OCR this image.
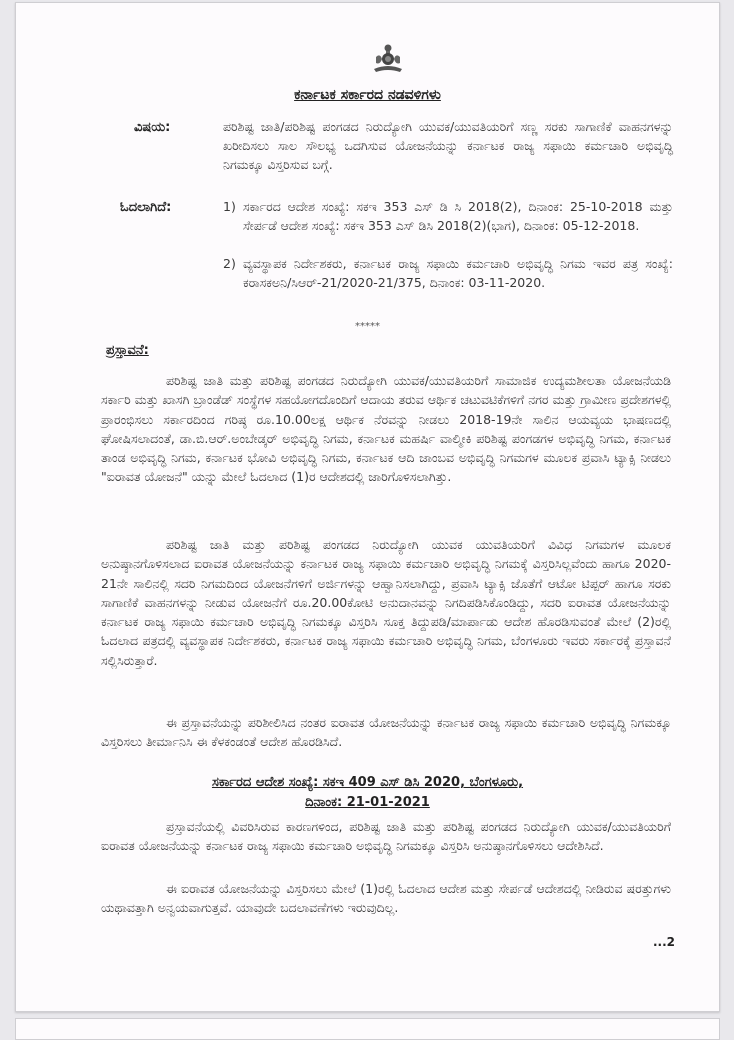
ಕರ್ನಾಟಕ ಸರ್ಕಾರದ ನಡವಳಿಗಳು
ವಿಷಯ:	ಪರಿಶಿಷ್ಟ ಜಾತಿ/ಪರಿಶಿಷ್ಟ ಪಂಗಡದ ನಿರುದ್ಯೋಗಿ ಯುವಕ/ಯುವತಿಯರಿಗೆ ಸಣ್ಣ ಸರಕು ಸಾಗಾಣಿಕೆ ವಾಹನಗಳನ್ನು ಖರೀದಿಸಲು ಸಾಲ ಸೌಲಭ್ಯ ಒದಗಿಸುವ ಯೋಜನೆಯನ್ನು ಕರ್ನಾಟಕ ರಾಜ್ಯ ಸಫಾಯಿ ಕರ್ಮಚಾರಿ ಅಭಿವೃದ್ಧಿ ನಿಗಮಕ್ಕೂ ವಿಸ್ತರಿಸುವ ಬಗ್ಗೆ.
ಓದಲಾಗಿದೆ:	1) ಸರ್ಕಾರದ ಆದೇಶ ಸಂಖ್ಯೆ: ಸಕಇ 353 ಎಸ್ ಡಿ ಸಿ 2018(2), ದಿನಾಂಕ: 25-10-2018 ಮತ್ತು ಸೇರ್ಪಡೆ ಆದೇಶ ಸಂಖ್ಯೆ: ಸಕಇ 353 ಎಸ್ ಡಿಸಿ 2018(2)(ಭಾಗ), ದಿನಾಂಕ: 05-12-2018.
2) ವ್ಯವಸ್ಥಾಪಕ ನಿರ್ದೇಶಕರು, ಕರ್ನಾಟಕ ರಾಜ್ಯ ಸಫಾಯಿ ಕರ್ಮಚಾರಿ ಅಭಿವೃದ್ಧಿ ನಿಗಮ ಇವರ ಪತ್ರ ಸಂಖ್ಯೆ: ಕರಾಸಕಅನಿ/ಸಿಆರ್-21/2020-21/375, ದಿನಾಂಕ: 03-11-2020.
*****
ಪ್ರಸ್ತಾವನೆ:
ಪರಿಶಿಷ್ಟ ಜಾತಿ ಮತ್ತು ಪರಿಶಿಷ್ಟ ಪಂಗಡದ ನಿರುದ್ಯೋಗಿ ಯುವಕ/ಯುವತಿಯರಿಗೆ ಸಾಮಾಜಿಕ ಉದ್ಯಮಶೀಲತಾ ಯೋಜನೆಯಡಿ ಸರ್ಕಾರಿ ಮತ್ತು ಖಾಸಗಿ ಬ್ರಾಂಡೆಡ್ ಸಂಸ್ಥೆಗಳ ಸಹಯೋಗದೊಂದಿಗೆ ಆದಾಯ ತರುವ ಆರ್ಥಿಕ ಚಟುವಟಿಕೆಗಳಿಗೆ ನಗರ ಮತ್ತು ಗ್ರಾಮೀಣ ಪ್ರದೇಶಗಳಲ್ಲಿ ಪ್ರಾರಂಭಿಸಲು ಸರ್ಕಾರದಿಂದ ಗರಿಷ್ಠ ರೂ.10.00ಲಕ್ಷ ಆರ್ಥಿಕ ನೆರವನ್ನು ನೀಡಲು 2018-19ನೇ ಸಾಲಿನ ಆಯವ್ಯಯ ಭಾಷಣದಲ್ಲಿ ಘೋಷಿಸಲಾದಂತೆ, ಡಾ.ಬಿ.ಆರ್.ಅಂಬೇಡ್ಕರ್ ಅಭಿವೃದ್ಧಿ ನಿಗಮ, ಕರ್ನಾಟಕ ಮಹರ್ಷಿ ವಾಲ್ಮೀಕಿ ಪರಿಶಿಷ್ಟ ಪಂಗಡಗಳ ಅಭಿವೃದ್ಧಿ ನಿಗಮ, ಕರ್ನಾಟಕ ತಾಂಡ ಅಭಿವೃದ್ಧಿ ನಿಗಮ, ಕರ್ನಾಟಕ ಭೋವಿ ಅಭಿವೃದ್ಧಿ ನಿಗಮ, ಕರ್ನಾಟಕ ಆದಿ ಜಾಂಬವ ಅಭಿವೃದ್ಧಿ ನಿಗಮಗಳ ಮೂಲಕ ಪ್ರವಾಸಿ ಟ್ಯಾಕ್ಸಿ ನೀಡಲು "ಐರಾವತ ಯೋಜನೆ" ಯನ್ನು ಮೇಲೆ ಓದಲಾದ (1)ರ ಆದೇಶದಲ್ಲಿ ಜಾರಿಗೊಳಿಸಲಾಗಿತ್ತು.
ಪರಿಶಿಷ್ಟ ಜಾತಿ ಮತ್ತು ಪರಿಶಿಷ್ಟ ಪಂಗಡದ ನಿರುದ್ಯೋಗಿ ಯುವಕ ಯುವತಿಯರಿಗೆ ವಿವಿಧ ನಿಗಮಗಳ ಮೂಲಕ ಅನುಷ್ಠಾನಗೊಳಿಸಲಾದ ಐರಾವತ ಯೋಜನೆಯನ್ನು ಕರ್ನಾಟಕ ರಾಜ್ಯ ಸಫಾಯಿ ಕರ್ಮಚಾರಿ ಅಭಿವೃದ್ಧಿ ನಿಗಮಕ್ಕೆ ವಿಸ್ತರಿಸಿಲ್ಲವೆಂದು ಹಾಗೂ 2020-21ನೇ ಸಾಲಿನಲ್ಲಿ ಸದರಿ ನಿಗಮದಿಂದ ಯೋಜನೆಗಳಿಗೆ ಅರ್ಜಿಗಳನ್ನು ಆಹ್ವಾನಿಸಲಾಗಿದ್ದು, ಪ್ರವಾಸಿ ಟ್ಯಾಕ್ಸಿ ಜೊತೆಗೆ ಆಟೋ ಟಿಪ್ಪರ್ ಹಾಗೂ ಸರಕು ಸಾಗಾಣಿಕೆ ವಾಹನಗಳನ್ನು ನೀಡುವ ಯೋಜನೆಗೆ ರೂ.20.00ಕೋಟಿ ಅನುದಾನವನ್ನು ನಿಗದಿಪಡಿಸಿಕೊಂಡಿದ್ದು, ಸದರಿ ಐರಾವತ ಯೋಜನೆಯನ್ನು ಕರ್ನಾಟಕ ರಾಜ್ಯ ಸಫಾಯಿ ಕರ್ಮಚಾರಿ ಅಭಿವೃದ್ಧಿ ನಿಗಮಕ್ಕೂ ವಿಸ್ತರಿಸಿ ಸೂಕ್ತ ತಿದ್ದುಪಡಿ/ಮಾರ್ಪಾಡು ಆದೇಶ ಹೊರಡಿಸುವಂತೆ ಮೇಲೆ (2)ರಲ್ಲಿ ಓದಲಾದ ಪತ್ರದಲ್ಲಿ ವ್ಯವಸ್ಥಾಪಕ ನಿರ್ದೇಶಕರು, ಕರ್ನಾಟಕ ರಾಜ್ಯ ಸಫಾಯಿ ಕರ್ಮಚಾರಿ ಅಭಿವೃದ್ಧಿ ನಿಗಮ, ಬೆಂಗಳೂರು ಇವರು ಸರ್ಕಾರಕ್ಕೆ ಪ್ರಸ್ತಾವನೆ ಸಲ್ಲಿಸಿರುತ್ತಾರೆ.
ಈ ಪ್ರಸ್ತಾವನೆಯನ್ನು ಪರಿಶೀಲಿಸಿದ ನಂತರ ಐರಾವತ ಯೋಜನೆಯನ್ನು ಕರ್ನಾಟಕ ರಾಜ್ಯ ಸಫಾಯಿ ಕರ್ಮಚಾರಿ ಅಭಿವೃದ್ಧಿ ನಿಗಮಕ್ಕೂ ವಿಸ್ತರಿಸಲು ತೀರ್ಮಾನಿಸಿ ಈ ಕೆಳಕಂಡಂತೆ ಆದೇಶ ಹೊರಡಿಸಿದೆ.
ಸರ್ಕಾರದ ಆದೇಶ ಸಂಖ್ಯೆ: ಸಕಇ 409 ಎಸ್ ಡಿಸಿ 2020, ಬೆಂಗಳೂರು,
ದಿನಾಂಕ: 21-01-2021
ಪ್ರಸ್ತಾವನೆಯಲ್ಲಿ ವಿವರಿಸಿರುವ ಕಾರಣಗಳಿಂದ, ಪರಿಶಿಷ್ಟ ಜಾತಿ ಮತ್ತು ಪರಿಶಿಷ್ಟ ಪಂಗಡದ ನಿರುದ್ಯೋಗಿ ಯುವಕ/ಯುವತಿಯರಿಗೆ ಐರಾವತ ಯೋಜನೆಯನ್ನು ಕರ್ನಾಟಕ ರಾಜ್ಯ ಸಫಾಯಿ ಕರ್ಮಚಾರಿ ಅಭಿವೃದ್ಧಿ ನಿಗಮಕ್ಕೂ ವಿಸ್ತರಿಸಿ ಅನುಷ್ಠಾನಗೊಳಿಸಲು ಆದೇಶಿಸಿದೆ.
ಈ ಐರಾವತ ಯೋಜನೆಯನ್ನು ವಿಸ್ತರಿಸಲು ಮೇಲೆ (1)ರಲ್ಲಿ ಓದಲಾದ ಆದೇಶ ಮತ್ತು ಸೇರ್ಪಡೆ ಆದೇಶದಲ್ಲಿ ನೀಡಿರುವ ಷರತ್ತುಗಳು ಯಥಾವತ್ತಾಗಿ ಅನ್ವಯವಾಗುತ್ತವೆ. ಯಾವುದೇ ಬದಲಾವಣೆಗಳು ಇರುವುದಿಲ್ಲ.
...2
